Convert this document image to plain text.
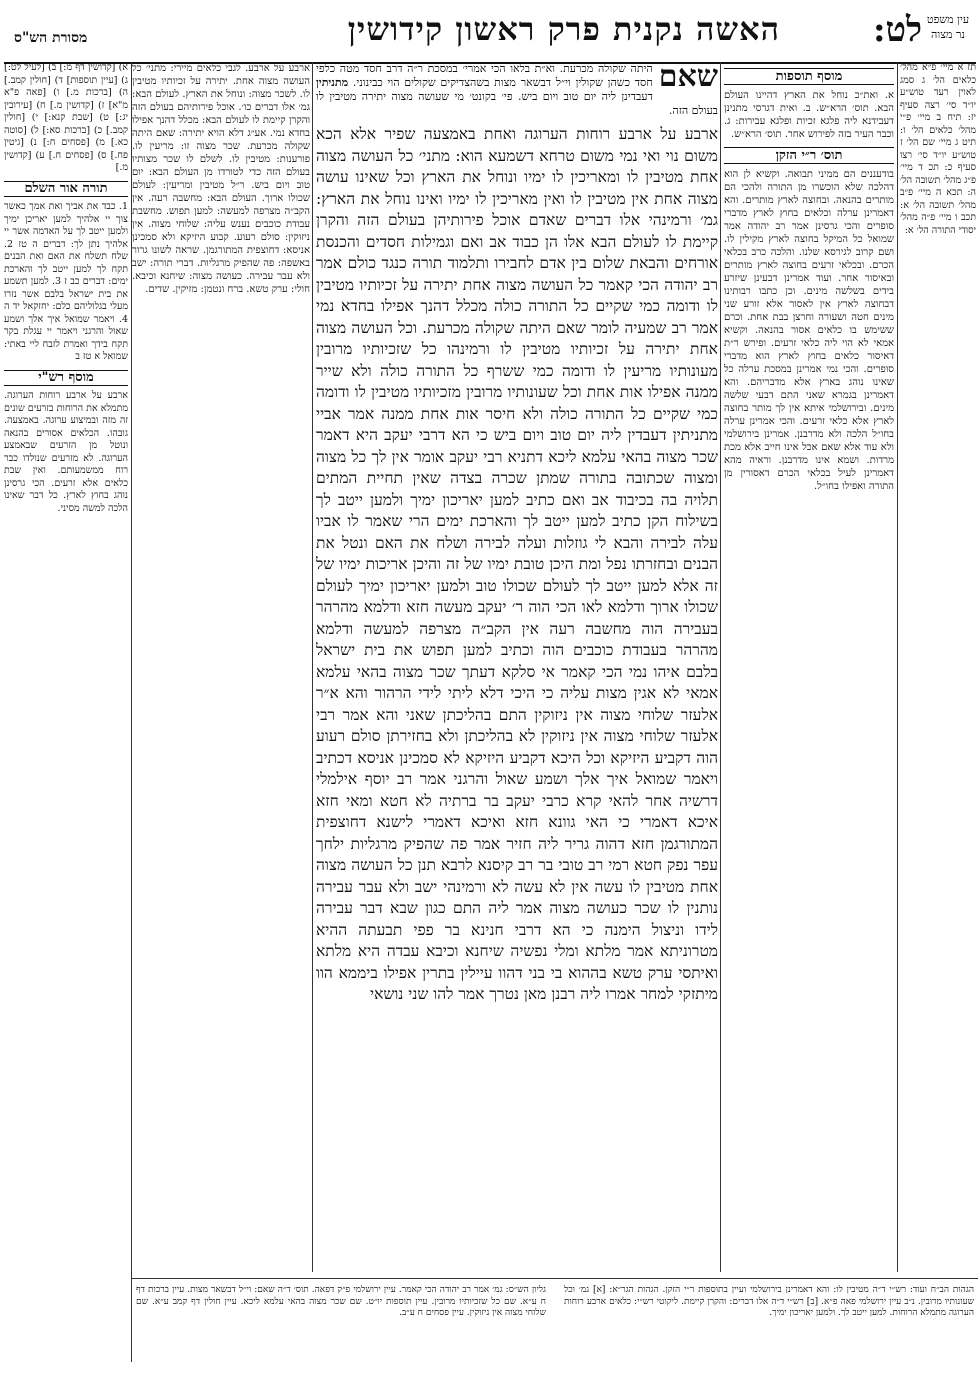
עין משפט
נר מצוה
לט:
האשה נקנית פרק ראשון קידושין
מסורת הש"ס

תז א מיי׳ פ״א מהל׳ כלאים הל׳ ג סמג לאוין רעד טוש״ע יו״ד סי׳ רצה סעיף יז: תיח ב מיי׳ פ״י מהל׳ כלאים הל׳ ו: תיט ג מיי׳ שם הל׳ ז טוש״ע יו״ד סי׳ רצו סעיף כ: תכ ד מיי׳ פ״ג מהל׳ תשובה הל׳ ה: תכא ה מיי׳ פ״ב מהל׳ תשובה הל׳ א: תכב ו מיי׳ פ״ה מהל׳ יסודי התורה הל׳ א:

מוסף תוספות

א. ואת״כ נוחל את הארץ דהיינו העולם הבא. תוס׳ הרא״ש. ב. ואית דגרסי מתנינן דעבידנא ליה פלגא זכיות ופלגא עבירות: ג. וכבר העיר בזה לפירוש אחר. תוס׳ הרא״ש.

תוס׳ ר״י הזקן

בודעננים הם ממיני תבואה. וקשיא לן הוא דהלכה שלא הוכשרו מן התורה ולהכי הם מותרים בהנאה. ובחוצה לארץ מותרים. והא דאמרינן ערלה וכלאים בחוץ לארץ מדברי סופרים והכי גרסינן אמר רב יהודה אמר שמואל כל המיקל בחוצה לארץ מקילין לו. ושם קרוב לגירסא שלנו. והלכה כרב בכלאי הכרם. ובכלאי זרעים בחוצה לארץ מותרים ובאיסור אחר. ועוד אמרינן דבעינן שיזרע בידים בשלשה מינים. וכן כתבו רבותינו דבחוצה לארץ אין לאסור אלא זורע שני מינים חטה ושעורה וחרצן בבת אחת. וכרם ששימש בו כלאים אסור בהנאה. וקשיא אמאי לא הוי ליה כלאי זרעים. ופירש ר״ת דאיסור כלאים בחוץ לארץ הוא מדברי סופרים. והכי נמי אמרינן במסכת ערלה כל שאינו נוהג בארץ אלא מדבריהם. והא דאמרינן בגמרא שאני התם דבעי שלשה מינים. ובירושלמי איתא אין לך מותר בחוצה לארץ אלא כלאי זרעים. והכי אמרינן ערלה בחו״ל הלכה ולא מדרבנן. אמרינן בירושלמי ולא עוד אלא שאם אכל אינו חייב אלא מכת מרדות. ושמא אינו מדרבנן. וראיה מהא דאמרינן לעיל בכלאי הכרם דאסורין מן התורה ואפילו בחו״ל.

שאם
היתה שקולה מכרעת. וא״ת בלאו הכי אמרי׳ במסכת ר״ה דרב חסד מטה כלפי חסד כשהן שקולין וי״ל דבשאר מצות בשהצדיקים שקולים הוי כבינוני. מתניתין דעבדינן ליה יום טוב ויום ביש. פי׳ בקונט׳ מי שעושה מצוה יתירה מטיבין לו בעולם הזה.

ארבע על ארבע רוחות הערוגה ואחת באמצעה שפיר אלא הכא משום נוי ואי נמי משום טרחא דשמעא הוא: מתני׳ כל העושה מצוה אחת מטיבין לו ומאריכין לו ימיו ונוחל את הארץ וכל שאינו עושה מצוה אחת אין מטיבין לו ואין מאריכין לו ימיו ואינו נוחל את הארץ: גמ׳ ורמינהי אלו דברים שאדם אוכל פירותיהן בעולם הזה והקרן קיימת לו לעולם הבא אלו הן כבוד אב ואם וגמילות חסדים והכנסת אורחים והבאת שלום בין אדם לחבירו ותלמוד תורה כנגד כולם אמר רב יהודה הכי קאמר כל העושה מצוה אחת יתירה על זכיותיו מטיבין לו ודומה כמי שקיים כל התורה כולה מכלל דהנך אפילו בחדא נמי אמר רב שמעיה לומר שאם היתה שקולה מכרעת. וכל העושה מצוה אחת יתירה על זכיותיו מטיבין לו ורמינהו כל שזכיותיו מרובין מעונותיו מריעין לו ודומה כמי ששרף כל התורה כולה ולא שייר ממנה אפילו אות אחת וכל שעונותיו מרובין מזכיותיו מטיבין לו ודומה כמי שקיים כל התורה כולה ולא חיסר אות אחת ממנה אמר אביי מתניתין דעבדין ליה יום טוב ויום ביש כי הא דרבי יעקב היא דאמר שכר מצוה בהאי עלמא ליכא דתניא רבי יעקב אומר אין לך כל מצוה ומצוה שכתובה בתורה שמתן שכרה בצדה שאין תחיית המתים תלויה בה בכיבוד אב ואם כתיב למען יאריכון ימיך ולמען ייטב לך בשילוח הקן כתיב למען ייטב לך והארכת ימים הרי שאמר לו אביו עלה לבירה והבא לי גוזלות ועלה לבירה ושלח את האם ונטל את הבנים ובחזרתו נפל ומת היכן טובת ימיו של זה והיכן אריכות ימיו של זה אלא למען ייטב לך לעולם שכולו טוב ולמען יאריכון ימיך לעולם שכולו ארוך ודלמא לאו הכי הוה ר׳ יעקב מעשה חזא ודלמא מהרהר בעבירה הוה מחשבה רעה אין הקב״ה מצרפה למעשה ודלמא מהרהר בעבודת כוכבים הוה וכתיב למען תפוש את בית ישראל בלבם איהו נמי הכי קאמר אי סלקא דעתך שכר מצוה בהאי עלמא אמאי לא אגין מצות עליה כי היכי דלא ליתי לידי הרהור והא א״ר אלעזר שלוחי מצוה אין ניזוקין התם בהליכתן שאני והא אמר רבי אלעזר שלוחי מצוה אין ניזוקין לא בהליכתן ולא בחזירתן סולם רעוע הוה דקביע היזיקא וכל היכא דקביע היזיקא לא סמכינן אניסא דכתיב ויאמר שמואל איך אלך ושמע שאול והרגני אמר רב יוסף אילמלי דרשיה אחר להאי קרא כרבי יעקב בר ברתיה לא חטא ומאי חזא איכא דאמרי כי האי גוונא חזא ואיכא דאמרי לישנא דחוצפית המתורגמן חזא דהוה גריר ליה חזיר אמר פה שהפיק מרגליות ילחך עפר נפק חטא רמי רב טובי בר רב קיסנא לרבא תנן כל העושה מצוה אחת מטיבין לו עשה אין לא עשה לא ורמינהי ישב ולא עבר עבירה נותנין לו שכר כעושה מצוה אמר ליה התם כגון שבא דבר עבירה לידו וניצול הימנה כי הא דרבי חנינא בר פפי תבעתה ההיא מטרוניתא אמר מלתא ומלי נפשיה שיחנא וכיבא עבדה היא מלתא ואיתסי ערק טשא בההוא בי בני דהוו עיילין בתרין אפילו ביממא הוו מיתזקי למחר אמרו ליה רבנן מאן נטרך אמר להו שני נושאי

ארבע על ארבע. לגבי כלאים מיירי: מתני׳ כל העושה מצוה אחת. יתירה על זכיותיו מטיבין לו. לשכר מצוה: ונוחל את הארץ. לעולם הבא: גמ׳ אלו דברים כו׳. אוכל פירותיהם בעולם הזה והקרן קיימת לו לעולם הבא: מכלל דהנך אפילו בחדא נמי. אע״ג דלא הויא יתירה: שאם היתה שקולה מכרעת. שכר מצוה זו: מריעין לו. פורענות: מטיבין לו. לשלם לו שכר מצותיו בעולם הזה כדי לטורדו מן העולם הבא: יום טוב ויום ביש. ר״ל מטיבין ומריעין: לעולם שכולו ארוך. העולם הבא: מחשבה רעה. אין הקב״ה מצרפה למעשה: למען תפוש. מחשבת עבודת כוכבים נענש עליה: שלוחי מצוה. אין ניזוקין: סולם רעוע. קבוע היזיקא ולא סמכינן אניסא: דחוצפית המתורגמן. שראה לשונו גרור באשפה: פה שהפיק מרגליות. דברי תורה: ישב ולא עבר עבירה. כעושה מצוה: שיחנא וכיבא. חולי: ערק טשא. ברח ונטמן: מזיקין. שדים.

א) [קדושין דף מ:] ב) [לעיל לט:] ג) [עיין תוספות] ד) [חולין קמב.] ה) [ברכות מ.] ו) [פאה פ"א מ"א] ז) [קדושין מ.] ח) [עירובין יג:] ט) [שבת קנא:] י) [חולין קמב.] כ) [ברכות סא:] ל) [סוטה כא.] מ) [פסחים ח:] נ) [גיטין פח.] ס) [פסחים ח.] ע) [קדושין מ.]

תורה אור השלם

1. כבד את אביך ואת אמך כאשר צוך יי אלהיך למען יאריכן ימיך ולמען ייטב לך על האדמה אשר יי אלהיך נתן לך: דברים ה טז 2. שלח תשלח את האם ואת הבנים תקח לך למען ייטב לך והארכת ימים: דברים כב ז 3. למען תשמע את בית ישראל בלבם אשר נזרו מעלי בגלוליהם כלם: יחזקאל יד ה 4. ויאמר שמואל איך אלך ושמע שאול והרגני ויאמר יי עגלת בקר תקח בידך ואמרת לזבח ליי באתי: שמואל א טז ב

מוסף רש"י

ארבע על ארבע רוחות הערוגה. מתמלא את הרוחות בזרעים שונים זה מזה ובמיצוע ערוגה. באמצעה. גובהו. הכלאים אסורים בהנאה ונוטל מן הזרעים שבאמצע הערוגה. לא מזרעים שנולדו כבר רוח ממשמעותם. ואין שבת כלאים אלא זרעים. הכי גרסינן נוהג בחוץ לארץ. כל דבר שאינו הלכה למשה מסיני.

הגהות הב״ח ועוד: רש״י ד״ה מטיבין לו: והא דאמרינן בירושלמי ועיין בתוספות ר״י הזקן. הגהות הגר״א: [א] גמ׳ וכל שעונותיו מרובין. נ״ב עיין ירושלמי פאה פ״א. [ב] רש״י ד״ה אלו דברים: והקרן קיימת. ליקוטי רש״י: כלאים ארבע רוחות הערוגה מתמלא הרוחות. למען ייטב לך. ולמען יאריכון ימיך.
גליון הש״ס: גמ׳ אמר רב יהודה הכי קאמר. עיין ירושלמי פ״ק דפאה. תוס׳ ד״ה שאם: וי״ל דבשאר מצות. עיין ברכות דף ח ע״א. שם כל שזכיותיו מרובין. עיין תוספות יו״ט. שם שכר מצוה בהאי עלמא ליכא. עיין חולין דף קמב ע״א. שם שלוחי מצוה אין ניזוקין. עיין פסחים ח ע״ב.
